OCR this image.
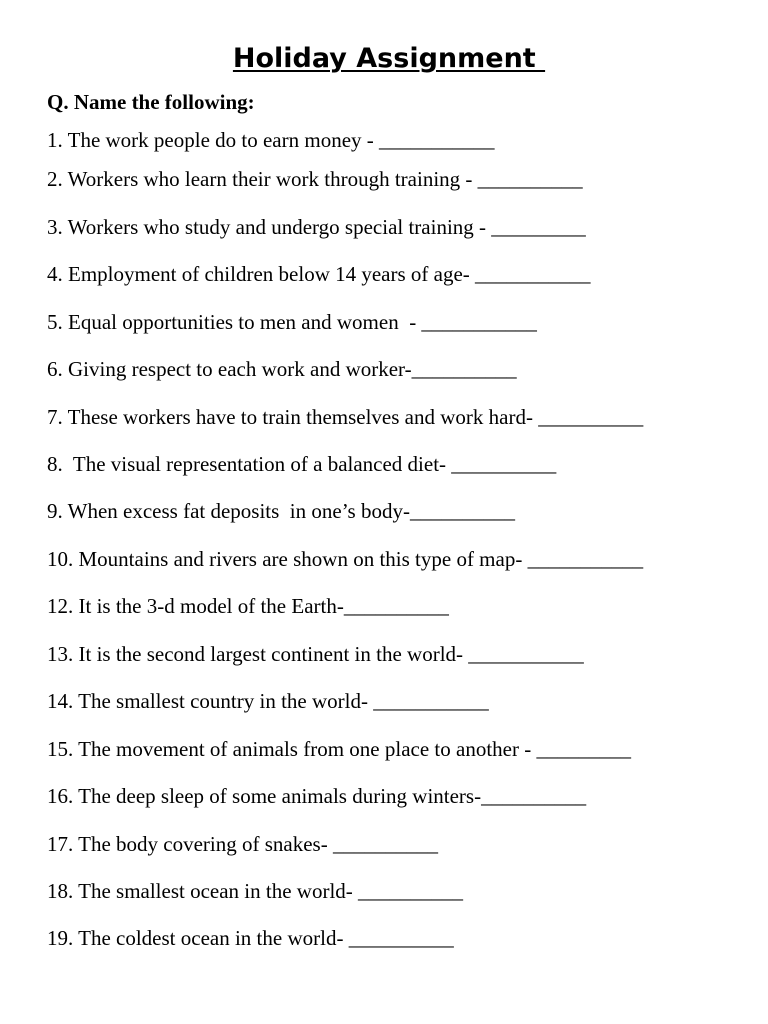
Holiday Assignment
Q. Name the following:
1. The work people do to earn money - ___________
2. Workers who learn their work through training - __________
3. Workers who study and undergo special training - _________
4. Employment of children below 14 years of age- ___________
5. Equal opportunities to men and women  - ___________
6. Giving respect to each work and worker-__________
7. These workers have to train themselves and work hard- __________
8.  The visual representation of a balanced diet- __________
9. When excess fat deposits  in one’s body-__________
10. Mountains and rivers are shown on this type of map- ___________
12. It is the 3-d model of the Earth-__________
13. It is the second largest continent in the world- ___________
14. The smallest country in the world- ___________
15. The movement of animals from one place to another - _________
16. The deep sleep of some animals during winters-__________
17. The body covering of snakes- __________
18. The smallest ocean in the world- __________
19. The coldest ocean in the world- __________
